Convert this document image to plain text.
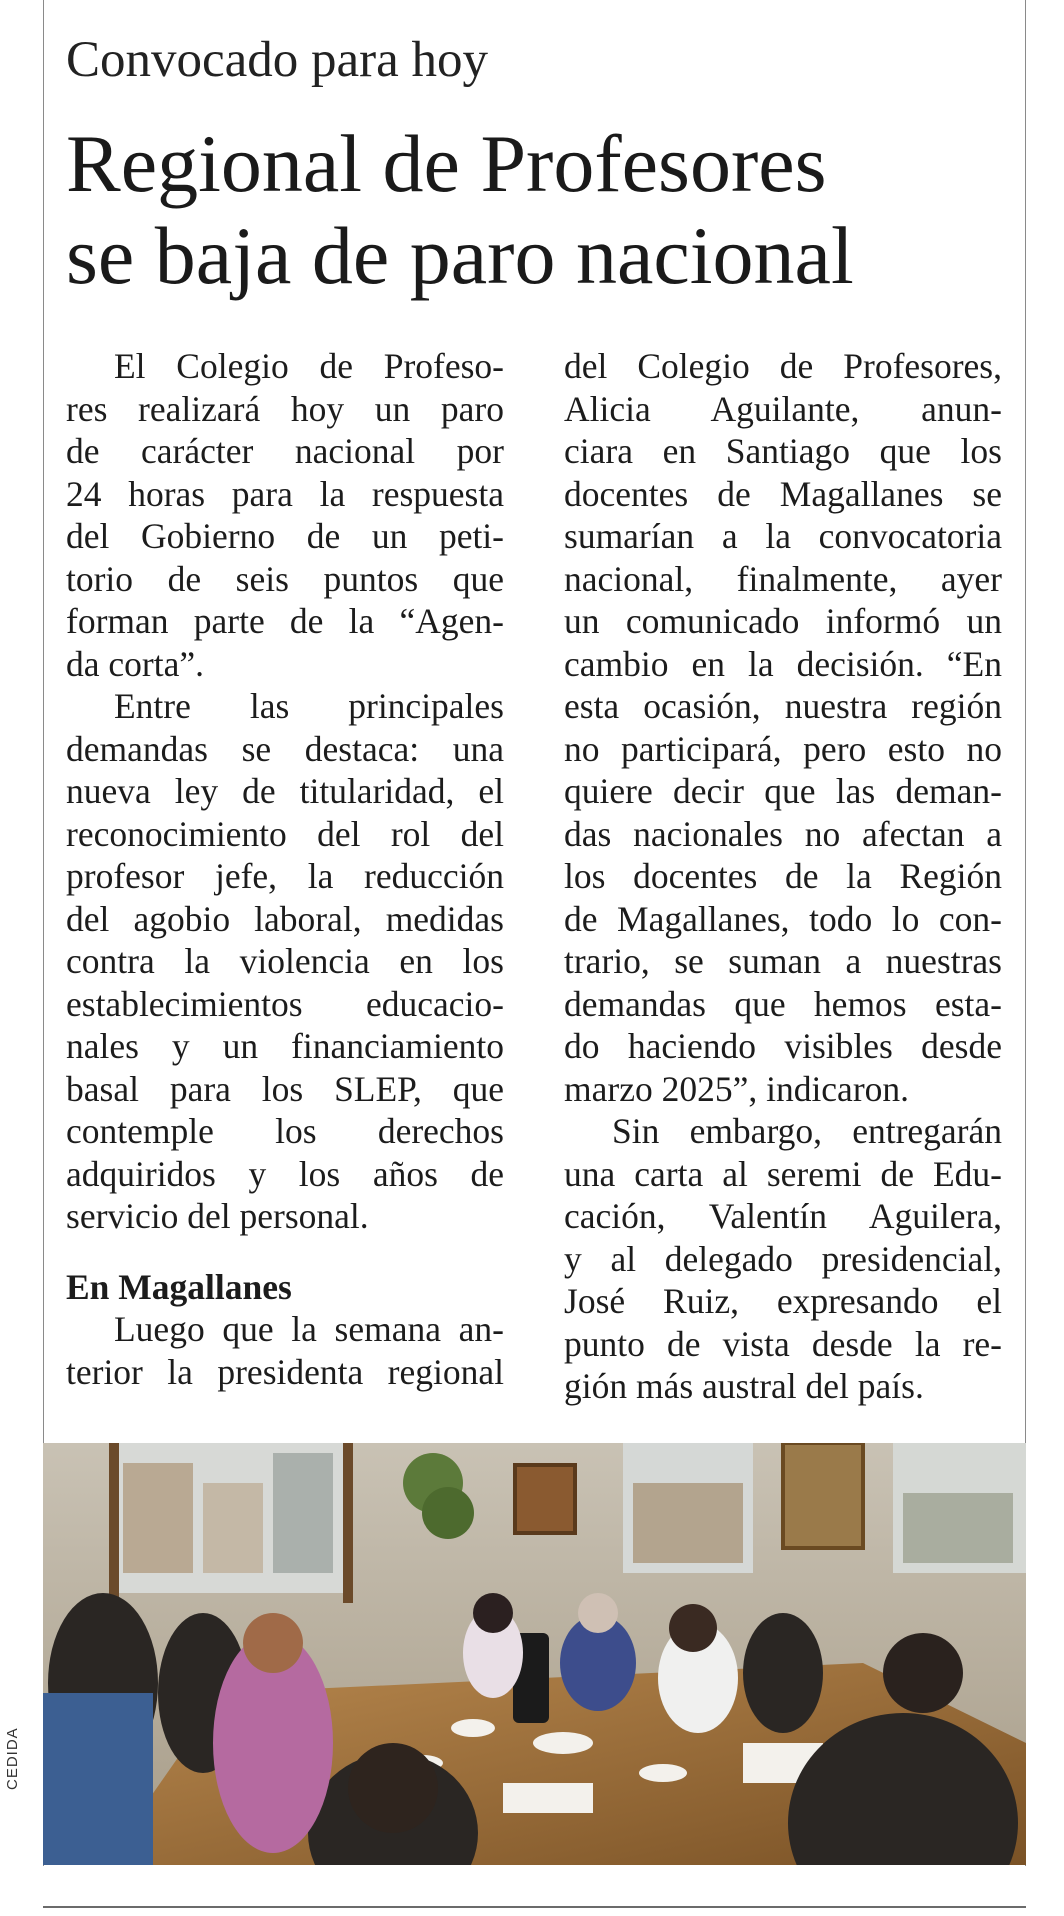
Convocado para hoy
Regional de Profesores
se baja de paro nacional
El Colegio de Profeso-
res realizará hoy un paro
de carácter nacional por
24 horas para la respuesta
del Gobierno de un peti-
torio de seis puntos que
forman parte de la “Agen-
da corta”.
Entre las principales
demandas se destaca: una
nueva ley de titularidad, el
reconocimiento del rol del
profesor jefe, la reducción
del agobio laboral, medidas
contra la violencia en los
establecimientos educacio-
nales y un financiamiento
basal para los SLEP, que
contemple los derechos
adquiridos y los años de
servicio del personal.
En Magallanes
Luego que la semana an-
terior la presidenta regional
del Colegio de Profesores,
Alicia Aguilante, anun-
ciara en Santiago que los
docentes de Magallanes se
sumarían a la convocatoria
nacional, finalmente, ayer
un comunicado informó un
cambio en la decisión. “En
esta ocasión, nuestra región
no participará, pero esto no
quiere decir que las deman-
das nacionales no afectan a
los docentes de la Región
de Magallanes, todo lo con-
trario, se suman a nuestras
demandas que hemos esta-
do haciendo visibles desde
marzo 2025”, indicaron.
Sin embargo, entregarán
una carta al seremi de Edu-
cación, Valentín Aguilera,
y al delegado presidencial,
José Ruiz, expresando el
punto de vista desde la re-
gión más austral del país.
CEDIDA
